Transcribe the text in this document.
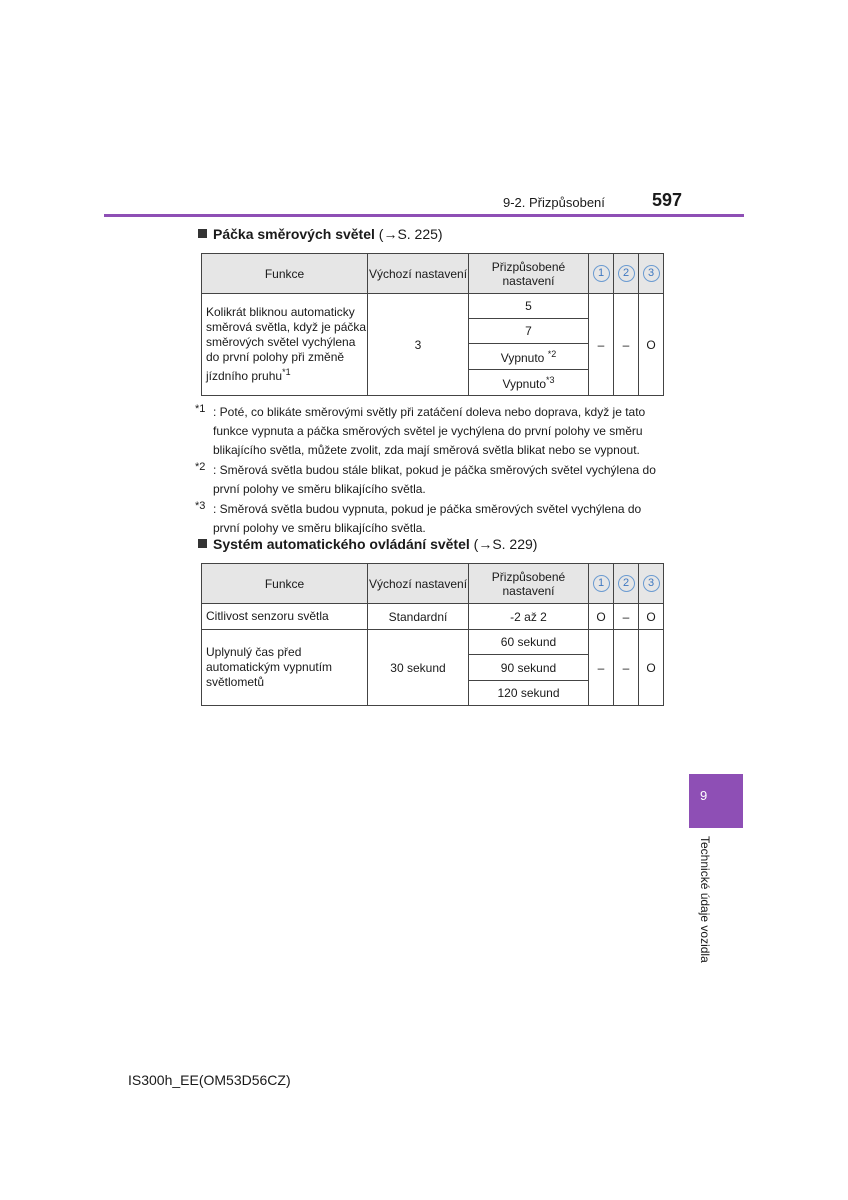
9-2. Přizpůsobení	597
Páčka směrových světel (→S. 225)
Funkce	Výchozí nastavení	Přizpůsobené nastavení	1	2	3
Kolikrát bliknou automaticky směrová světla, když je páčka směrových světel vychýlena do první polohy při změně jízdního pruhu$^{*1}$	3	5	–	–	O
		7			
		Vypnuto $^{*2}$
		Vypnuto$^{*3}$
*1 : Poté, co blikáte směrovými světly při zatáčení doleva nebo doprava, když je tato funkce vypnuta a páčka směrových světel je vychýlena do první polohy ve směru blikajícího světla, můžete zvolit, zda mají směrová světla blikat nebo se vypnout.
*2 : Směrová světla budou stále blikat, pokud je páčka směrových světel vychýlena do první polohy ve směru blikajícího světla.
*3 : Směrová světla budou vypnuta, pokud je páčka směrových světel vychýlena do první polohy ve směru blikajícího světla.
Systém automatického ovládání světel (→S. 229)
Funkce	Výchozí nastavení	Přizpůsobené nastavení	1	2	3
Citlivost senzoru světla	Standardní	-2 až 2	O	–	O
Uplynulý čas před automatickým vypnutím světlometů	30 sekund	60 sekund	–	–	O
		90 sekund			
		120 sekund			
9
Technické údaje vozidla
IS300h_EE(OM53D56CZ)
